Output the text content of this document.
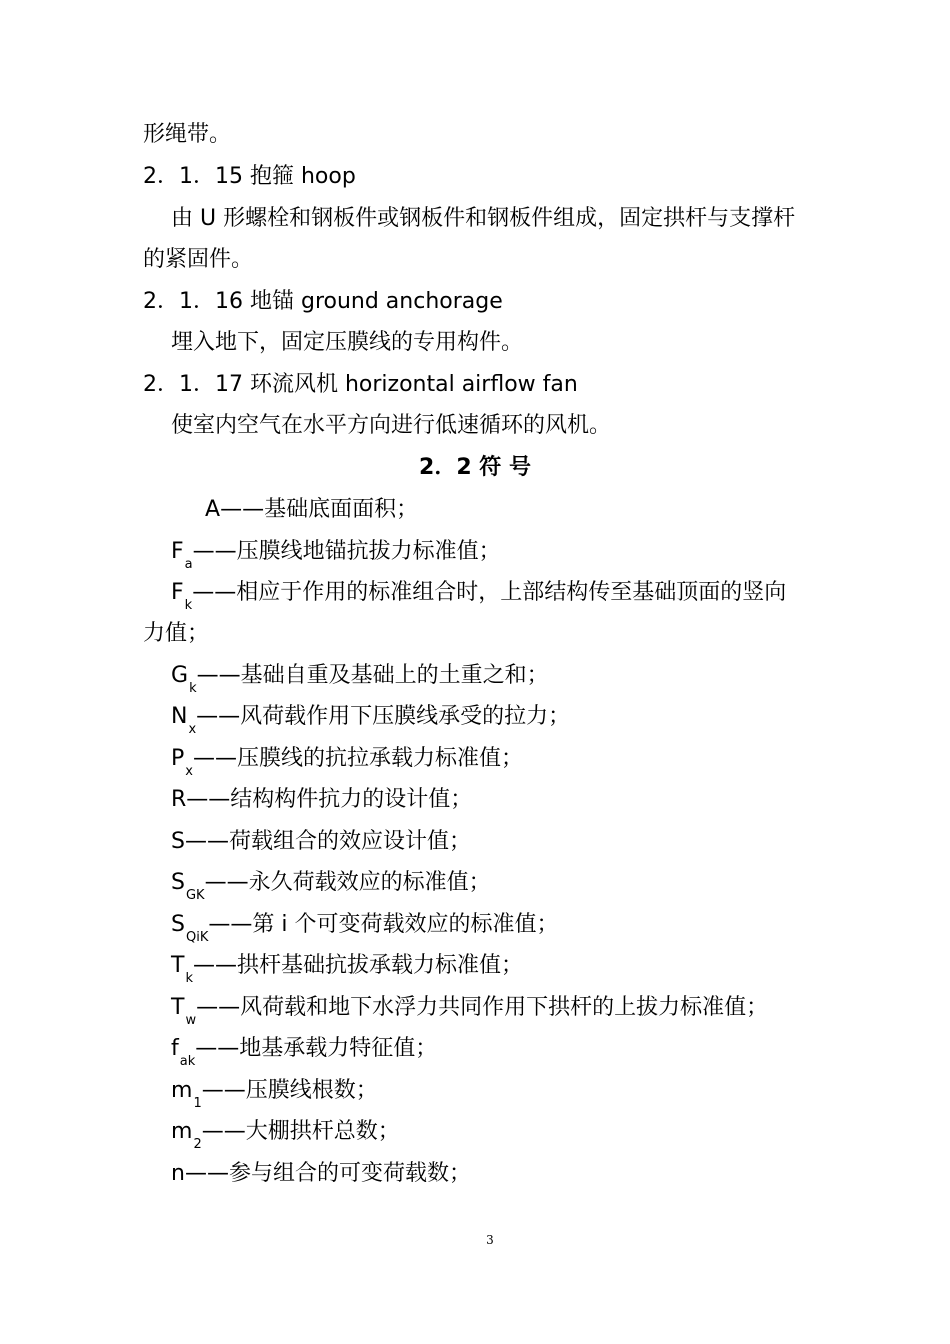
形绳带。

2．1．15 抱箍 hoop

由 U 形螺栓和钢板件或钢板件和钢板件组成，固定拱杆与支撑杆

的紧固件。

2．1．16 地锚 ground anchorage

埋入地下，固定压膜线的专用构件。

2．1．17 环流风机 horizontal airflow fan

使室内空气在水平方向进行低速循环的风机。

2．2 符 号

A——基础底面面积；

$F_a——$压膜线地锚抗拔力标准值；

$F_k——$相应于作用的标准组合时，上部结构传至基础顶面的竖向

力值；

$G_k——$基础自重及基础上的土重之和；

$N_x——$风荷载作用下压膜线承受的拉力；

$P_x——$压膜线的抗拉承载力标准值；

R——结构构件抗力的设计值；

S——荷载组合的效应设计值；

$S_{GK}——$永久荷载效应的标准值；

$S_{QiK}——$第 i 个可变荷载效应的标准值；

$T_k——$拱杆基础抗拔承载力标准值；

$T_w——$风荷载和地下水浮力共同作用下拱杆的上拔力标准值；

$f_{ak}——$地基承载力特征值；

$m_1——$压膜线根数；

$m_2——$大棚拱杆总数；

n——参与组合的可变荷载数；

3
